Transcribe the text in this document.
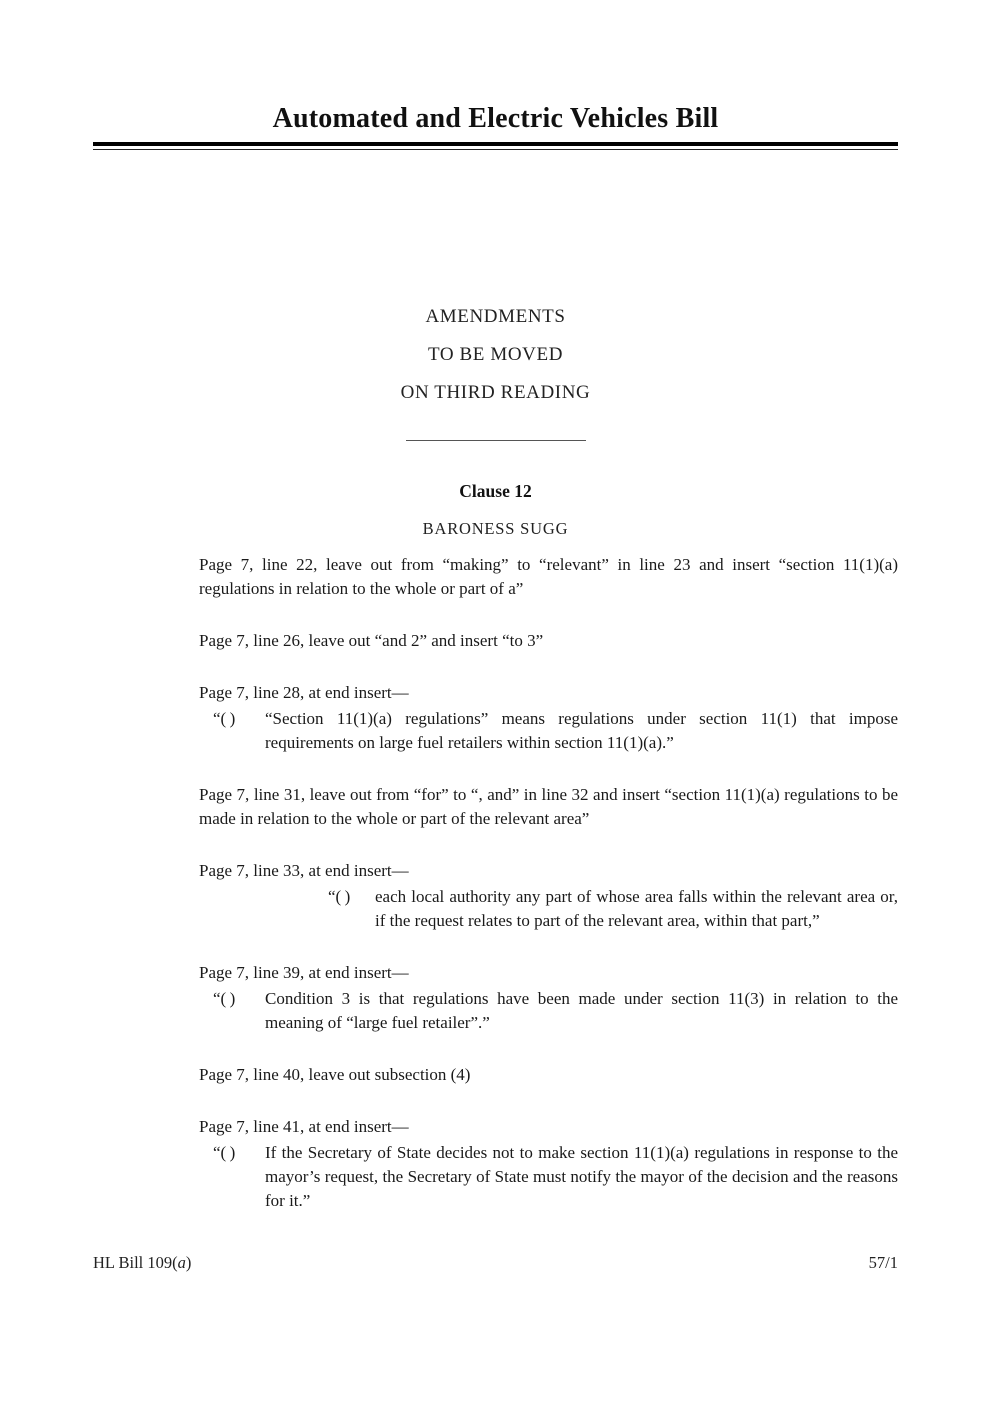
Automated and Electric Vehicles Bill
AMENDMENTS
TO BE MOVED
ON THIRD READING
Clause 12
BARONESS SUGG

Page 7, line 22, leave out from “making” to “relevant” in line 23 and insert “section 11(1)(a) regulations in relation to the whole or part of a”

Page 7, line 26, leave out “and 2” and insert “to 3”

Page 7, line 28, at end insert—

“( ) “Section 11(1)(a) regulations” means regulations under section 11(1) that impose requirements on large fuel retailers within section 11(1)(a).”

Page 7, line 31, leave out from “for” to “, and” in line 32 and insert “section 11(1)(a) regulations to be made in relation to the whole or part of the relevant area”

Page 7, line 33, at end insert—

“( ) each local authority any part of whose area falls within the relevant area or, if the request relates to part of the relevant area, within that part,”

Page 7, line 39, at end insert—

“( ) Condition 3 is that regulations have been made under section 11(3) in relation to the meaning of “large fuel retailer”.”

Page 7, line 40, leave out subsection (4)

Page 7, line 41, at end insert—

“( ) If the Secretary of State decides not to make section 11(1)(a) regulations in response to the mayor’s request, the Secretary of State must notify the mayor of the decision and the reasons for it.”
HL Bill 109(a)	57/1
